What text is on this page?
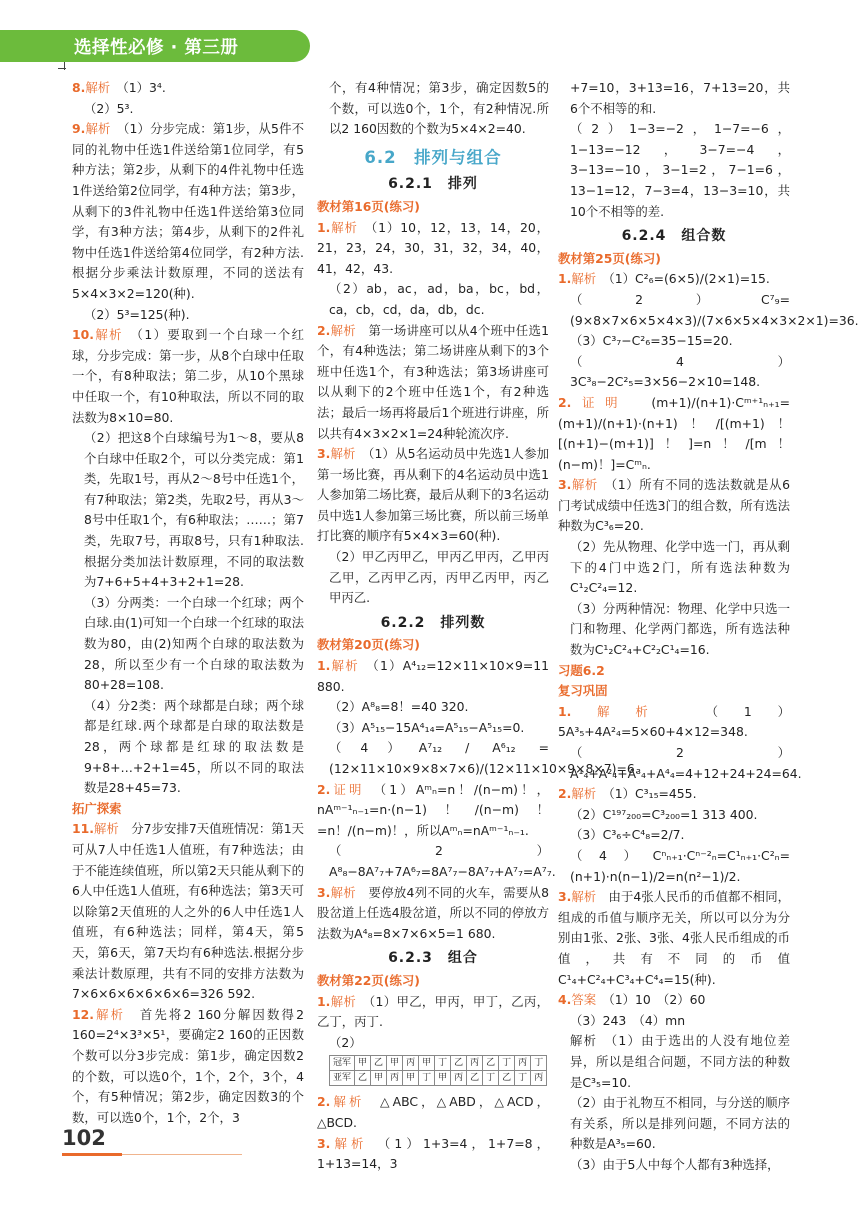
选择性必修 · 第三册

8.解析　（1）3⁴.

（2）5³.

9.解析　（1）分步完成：第1步，从5件不同的礼物中任选1件送给第1位同学，有5种方法；第2步，从剩下的4件礼物中任选1件送给第2位同学，有4种方法；第3步，从剩下的3件礼物中任选1件送给第3位同学，有3种方法；第4步，从剩下的2件礼物中任选1件送给第4位同学，有2种方法.根据分步乘法计数原理，不同的送法有5×4×3×2=120(种).

（2）5³=125(种).

10.解析　（1）要取到一个白球一个红球，分步完成：第一步，从8个白球中任取一个，有8种取法；第二步，从10个黑球中任取一个，有10种取法，所以不同的取法数为8×10=80.

（2）把这8个白球编号为1～8，要从8个白球中任取2个，可以分类完成：第1类，先取1号，再从2～8号中任选1个，有7种取法；第2类，先取2号，再从3～8号中任取1个，有6种取法；……；第7类，先取7号，再取8号，只有1种取法.根据分类加法计数原理，不同的取法数为7+6+5+4+3+2+1=28.

（3）分两类：一个白球一个红球；两个白球.由(1)可知一个白球一个红球的取法数为80，由(2)知两个白球的取法数为28，所以至少有一个白球的取法数为80+28=108.

（4）分2类：两个球都是白球；两个球都是红球.两个球都是白球的取法数是28，两个球都是红球的取法数是9+8+…+2+1=45，所以不同的取法数是28+45=73.

拓广探索

11.解析　分7步安排7天值班情况：第1天可从7人中任选1人值班，有7种选法；由于不能连续值班，所以第2天只能从剩下的6人中任选1人值班，有6种选法；第3天可以除第2天值班的人之外的6人中任选1人值班，有6种选法；同样，第4天，第5天，第6天，第7天均有6种选法.根据分步乘法计数原理，共有不同的安排方法数为7×6×6×6×6×6×6=326 592.

12.解析　首先将2 160分解因数得2 160=2⁴×3³×5¹，要确定2 160的正因数个数可以分3步完成：第1步，确定因数2的个数，可以选0个，1个，2个，3个，4个，有5种情况；第2步，确定因数3的个数，可以选0个，1个，2个，3

个，有4种情况；第3步，确定因数5的个数，可以选0个，1个，有2种情况.所以2 160因数的个数为5×4×2=40.

6.2　排列与组合
6.2.1　排列

教材第16页(练习)

1.解析　（1）10，12，13，14，20，21，23，24，30，31，32，34，40，41，42，43.

（2）ab，ac，ad，ba，bc，bd，ca，cb，cd，da，db，dc.

2.解析　第一场讲座可以从4个班中任选1个，有4种选法；第二场讲座从剩下的3个班中任选1个，有3种选法；第3场讲座可以从剩下的2个班中任选1个，有2种选法；最后一场再将最后1个班进行讲座，所以共有4×3×2×1=24种轮流次序.

3.解析　（1）从5名运动员中先选1人参加第一场比赛，再从剩下的4名运动员中选1人参加第二场比赛，最后从剩下的3名运动员中选1人参加第三场比赛，所以前三场单打比赛的顺序有5×4×3=60(种).

（2）甲乙丙甲乙，甲丙乙甲丙，乙甲丙乙甲，乙丙甲乙丙，丙甲乙丙甲，丙乙甲丙乙.

6.2.2　排列数

教材第20页(练习)

1.解析　（1）A⁴₁₂=12×11×10×9=11 880.

（2）A⁸₈=8！=40 320.

（3）A⁵₁₅−15A⁴₁₄=A⁵₁₅−A⁵₁₅=0.

（4）A⁷₁₂ / A⁶₁₂ = (12×11×10×9×8×7×6)/(12×11×10×9×8×7)=6.

2.证明　（1）Aᵐₙ=n！/(n−m)！，nAᵐ⁻¹ₙ₋₁=n·(n−1)！/(n−m)！=n！/(n−m)！，所以Aᵐₙ=nAᵐ⁻¹ₙ₋₁.

（2）A⁸₈−8A⁷₇+7A⁶₇=8A⁷₇−8A⁷₇+A⁷₇=A⁷₇.

3.解析　要停放4列不同的火车，需要从8股岔道上任选4股岔道，所以不同的停放方法数为A⁴₈=8×7×6×5=1 680.

6.2.3　组合

教材第22页(练习)

1.解析　（1）甲乙，甲丙，甲丁，乙丙，乙丁，丙丁.

（2）

冠军	甲	乙	甲	丙	甲	丁	乙	丙	乙	丁	丙	丁
亚军	乙	甲	丙	甲	丁	甲	丙	乙	丁	乙	丁	丙

2.解析　△ABC，△ABD，△ACD，△BCD.

3.解析　（1）1+3=4，1+7=8，1+13=14，3

+7=10，3+13=16，7+13=20，共6个不相等的和.

（2）1−3=−2，1−7=−6，1−13=−12，3−7=−4，3−13=−10，3−1=2，7−1=6，13−1=12，7−3=4，13−3=10，共10个不相等的差.

6.2.4　组合数

教材第25页(练习)

1.解析　（1）C²₆=(6×5)/(2×1)=15.

（2）C⁷₉=(9×8×7×6×5×4×3)/(7×6×5×4×3×2×1)=36.

（3）C³₇−C²₆=35−15=20.

（4）3C³₈−2C²₅=3×56−2×10=148.

2.证明　(m+1)/(n+1)·Cᵐ⁺¹ₙ₊₁=(m+1)/(n+1)·(n+1)！/[(m+1)！[(n+1)−(m+1)]！]=n！/[m！(n−m)！]=Cᵐₙ.

3.解析　（1）所有不同的选法数就是从6门考试成绩中任选3门的组合数，所有选法种数为C³₆=20.

（2）先从物理、化学中选一门，再从剩下的4门中选2门，所有选法种数为C¹₂C²₄=12.

（3）分两种情况：物理、化学中只选一门和物理、化学两门都选，所有选法种数为C¹₂C²₄+C²₂C¹₄=16.

习题6.2

复习巩固

1.解析　（1）5A³₅+4A²₄=5×60+4×12=348.

（2）A¹₄+A²₄+A³₄+A⁴₄=4+12+24+24=64.

2.解析　（1）C³₁₅=455.

（2）C¹⁹⁷₂₀₀=C³₂₀₀=1 313 400.

（3）C³₆÷C⁴₈=2/7.

（4）Cⁿₙ₊₁·Cⁿ⁻²ₙ=C¹ₙ₊₁·C²ₙ=(n+1)·n(n−1)/2=n(n²−1)/2.

3.解析　由于4张人民币的币值都不相同，组成的币值与顺序无关，所以可以分为分别由1张、2张、3张、4张人民币组成的币值，共有不同的币值C¹₄+C²₄+C³₄+C⁴₄=15(种).

4.答案　（1）10　（2）60

（3）243　（4）mn

解析　（1）由于选出的人没有地位差异，所以是组合问题，不同方法的种数是C³₅=10.

（2）由于礼物互不相同，与分送的顺序有关系，所以是排列问题，不同方法的种数是A³₅=60.

（3）由于5人中每个人都有3种选择，

102
